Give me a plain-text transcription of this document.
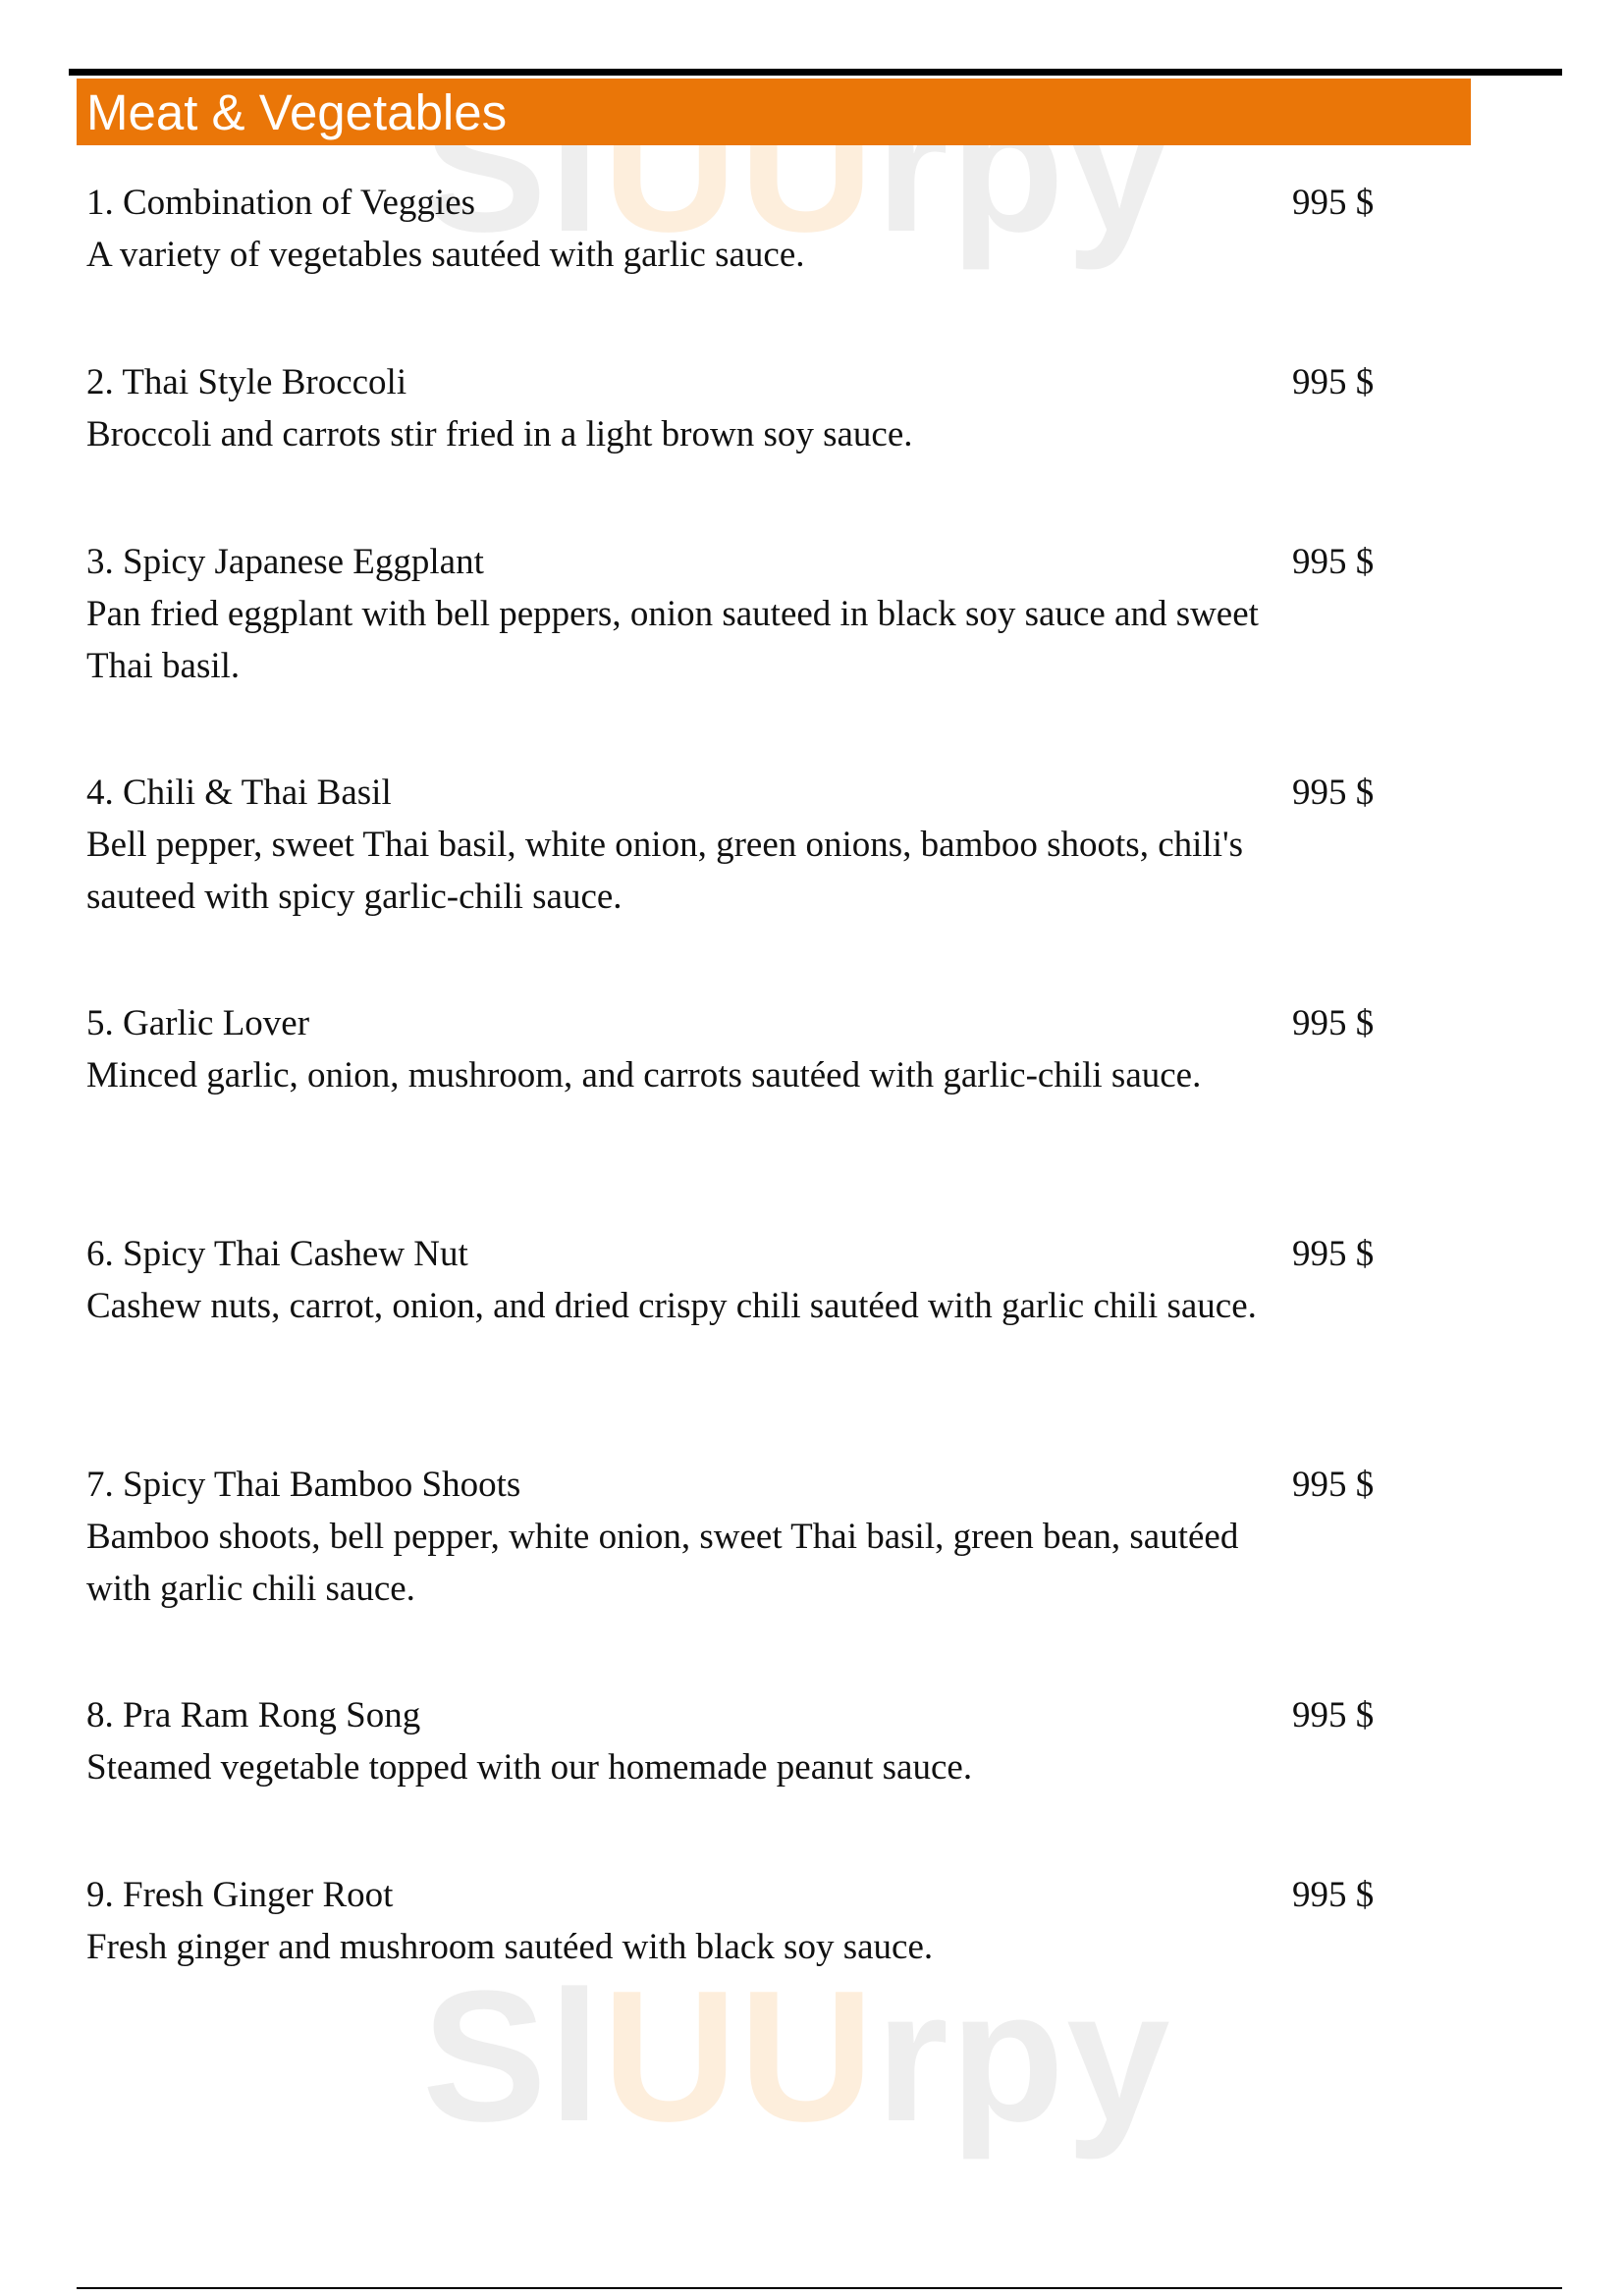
SlUUrpy
SlUUrpy
Meat & Vegetables
1. Combination of Veggies
A variety of vegetables sautéed with garlic sauce.
995 $
2. Thai Style Broccoli
Broccoli and carrots stir fried in a light brown soy sauce.
995 $
3. Spicy Japanese Eggplant
Pan fried eggplant with bell peppers, onion sauteed in black soy sauce and sweet Thai basil.
995 $
4. Chili & Thai Basil
Bell pepper, sweet Thai basil, white onion, green onions, bamboo shoots, chili's sauteed with spicy garlic-chili sauce.
995 $
5. Garlic Lover
Minced garlic, onion, mushroom, and carrots sautéed with garlic-chili sauce.
995 $
6. Spicy Thai Cashew Nut
Cashew nuts, carrot, onion, and dried crispy chili sautéed with garlic chili sauce.
995 $
7. Spicy Thai Bamboo Shoots
Bamboo shoots, bell pepper, white onion, sweet Thai basil, green bean, sautéed with garlic chili sauce.
995 $
8. Pra Ram Rong Song
Steamed vegetable topped with our homemade peanut sauce.
995 $
9. Fresh Ginger Root
Fresh ginger and mushroom sautéed with black soy sauce.
995 $
